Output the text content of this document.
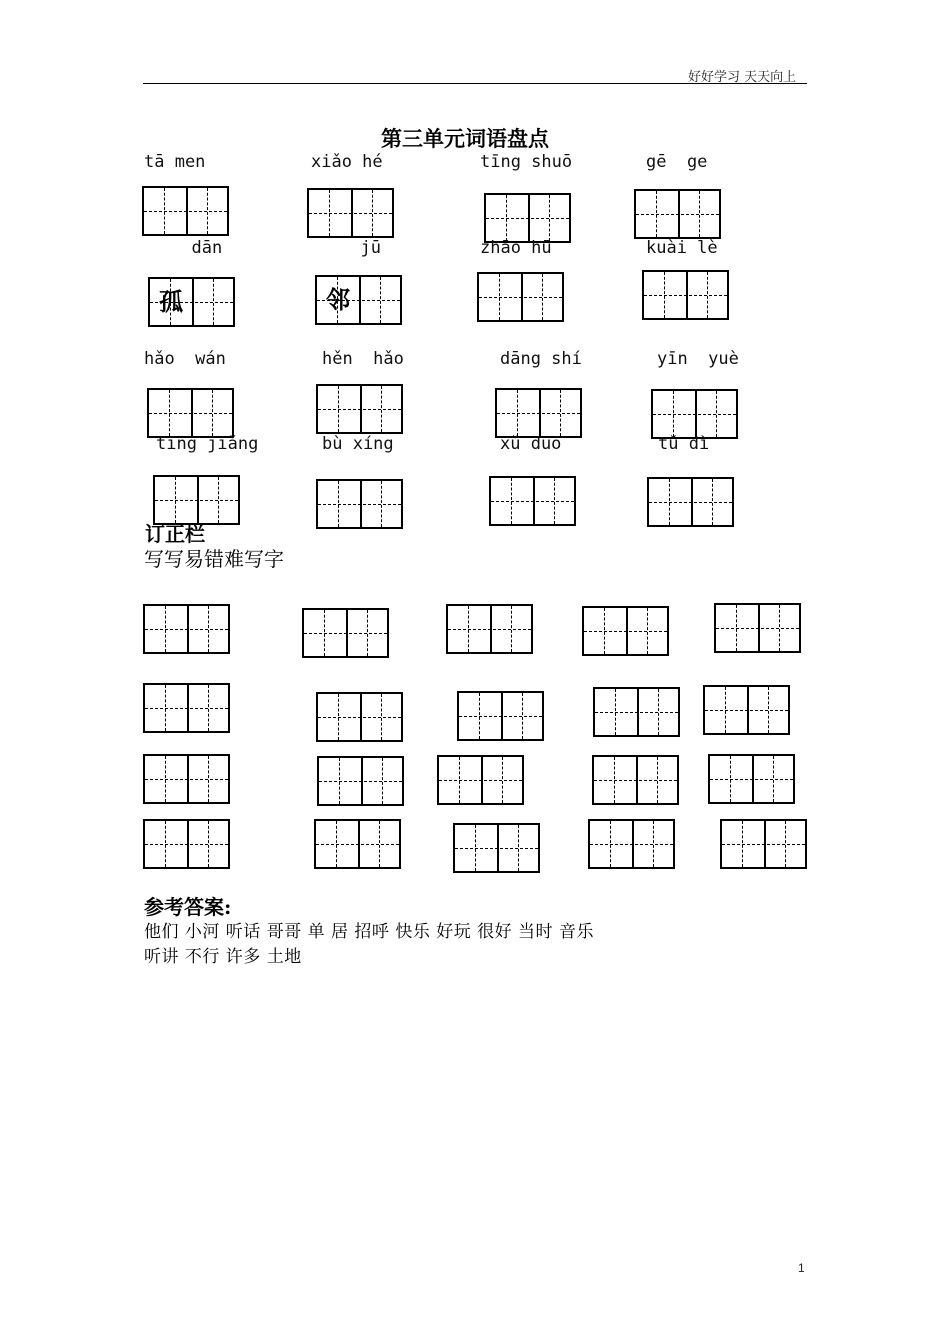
好好学习 天天向上
第三单元词语盘点
tā men	xiǎo hé	tīng shuō	gē  ge
dān	jū	zhāo hū	kuài lè
孤	邻
hǎo  wán	hěn  hǎo	dāng shí	yīn  yuè
tīng jiǎng	bù xíng	xǔ duō	tǔ dì
订正栏
写写易错难写字
参考答案:
他们 小河 听话 哥哥 单 居 招呼 快乐 好玩 很好 当时 音乐
听讲 不行 许多 土地
1
